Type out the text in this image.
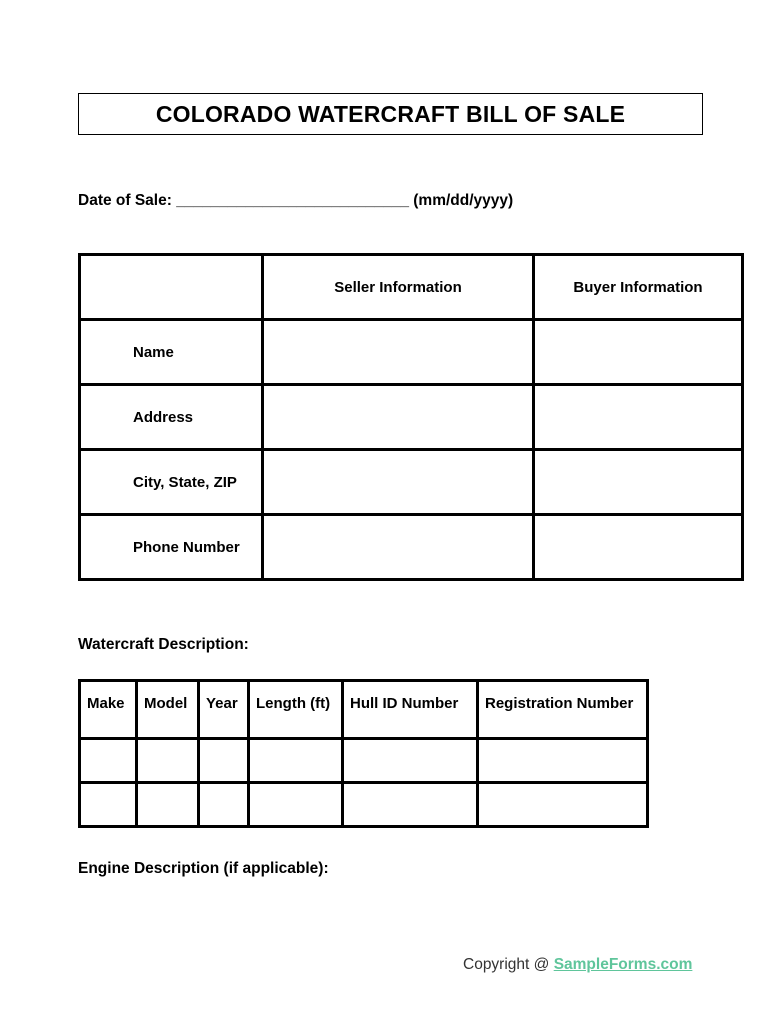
COLORADO WATERCRAFT BILL OF SALE
Date of Sale: ___________________________ (mm/dd/yyyy)
	Seller Information	Buyer Information
Name		
Address		
City, State, ZIP		
Phone Number		
Watercraft Description:
Make	Model	Year	Length (ft)	Hull ID Number	Registration Number

Engine Description (if applicable):
Copyright @ SampleForms.com
